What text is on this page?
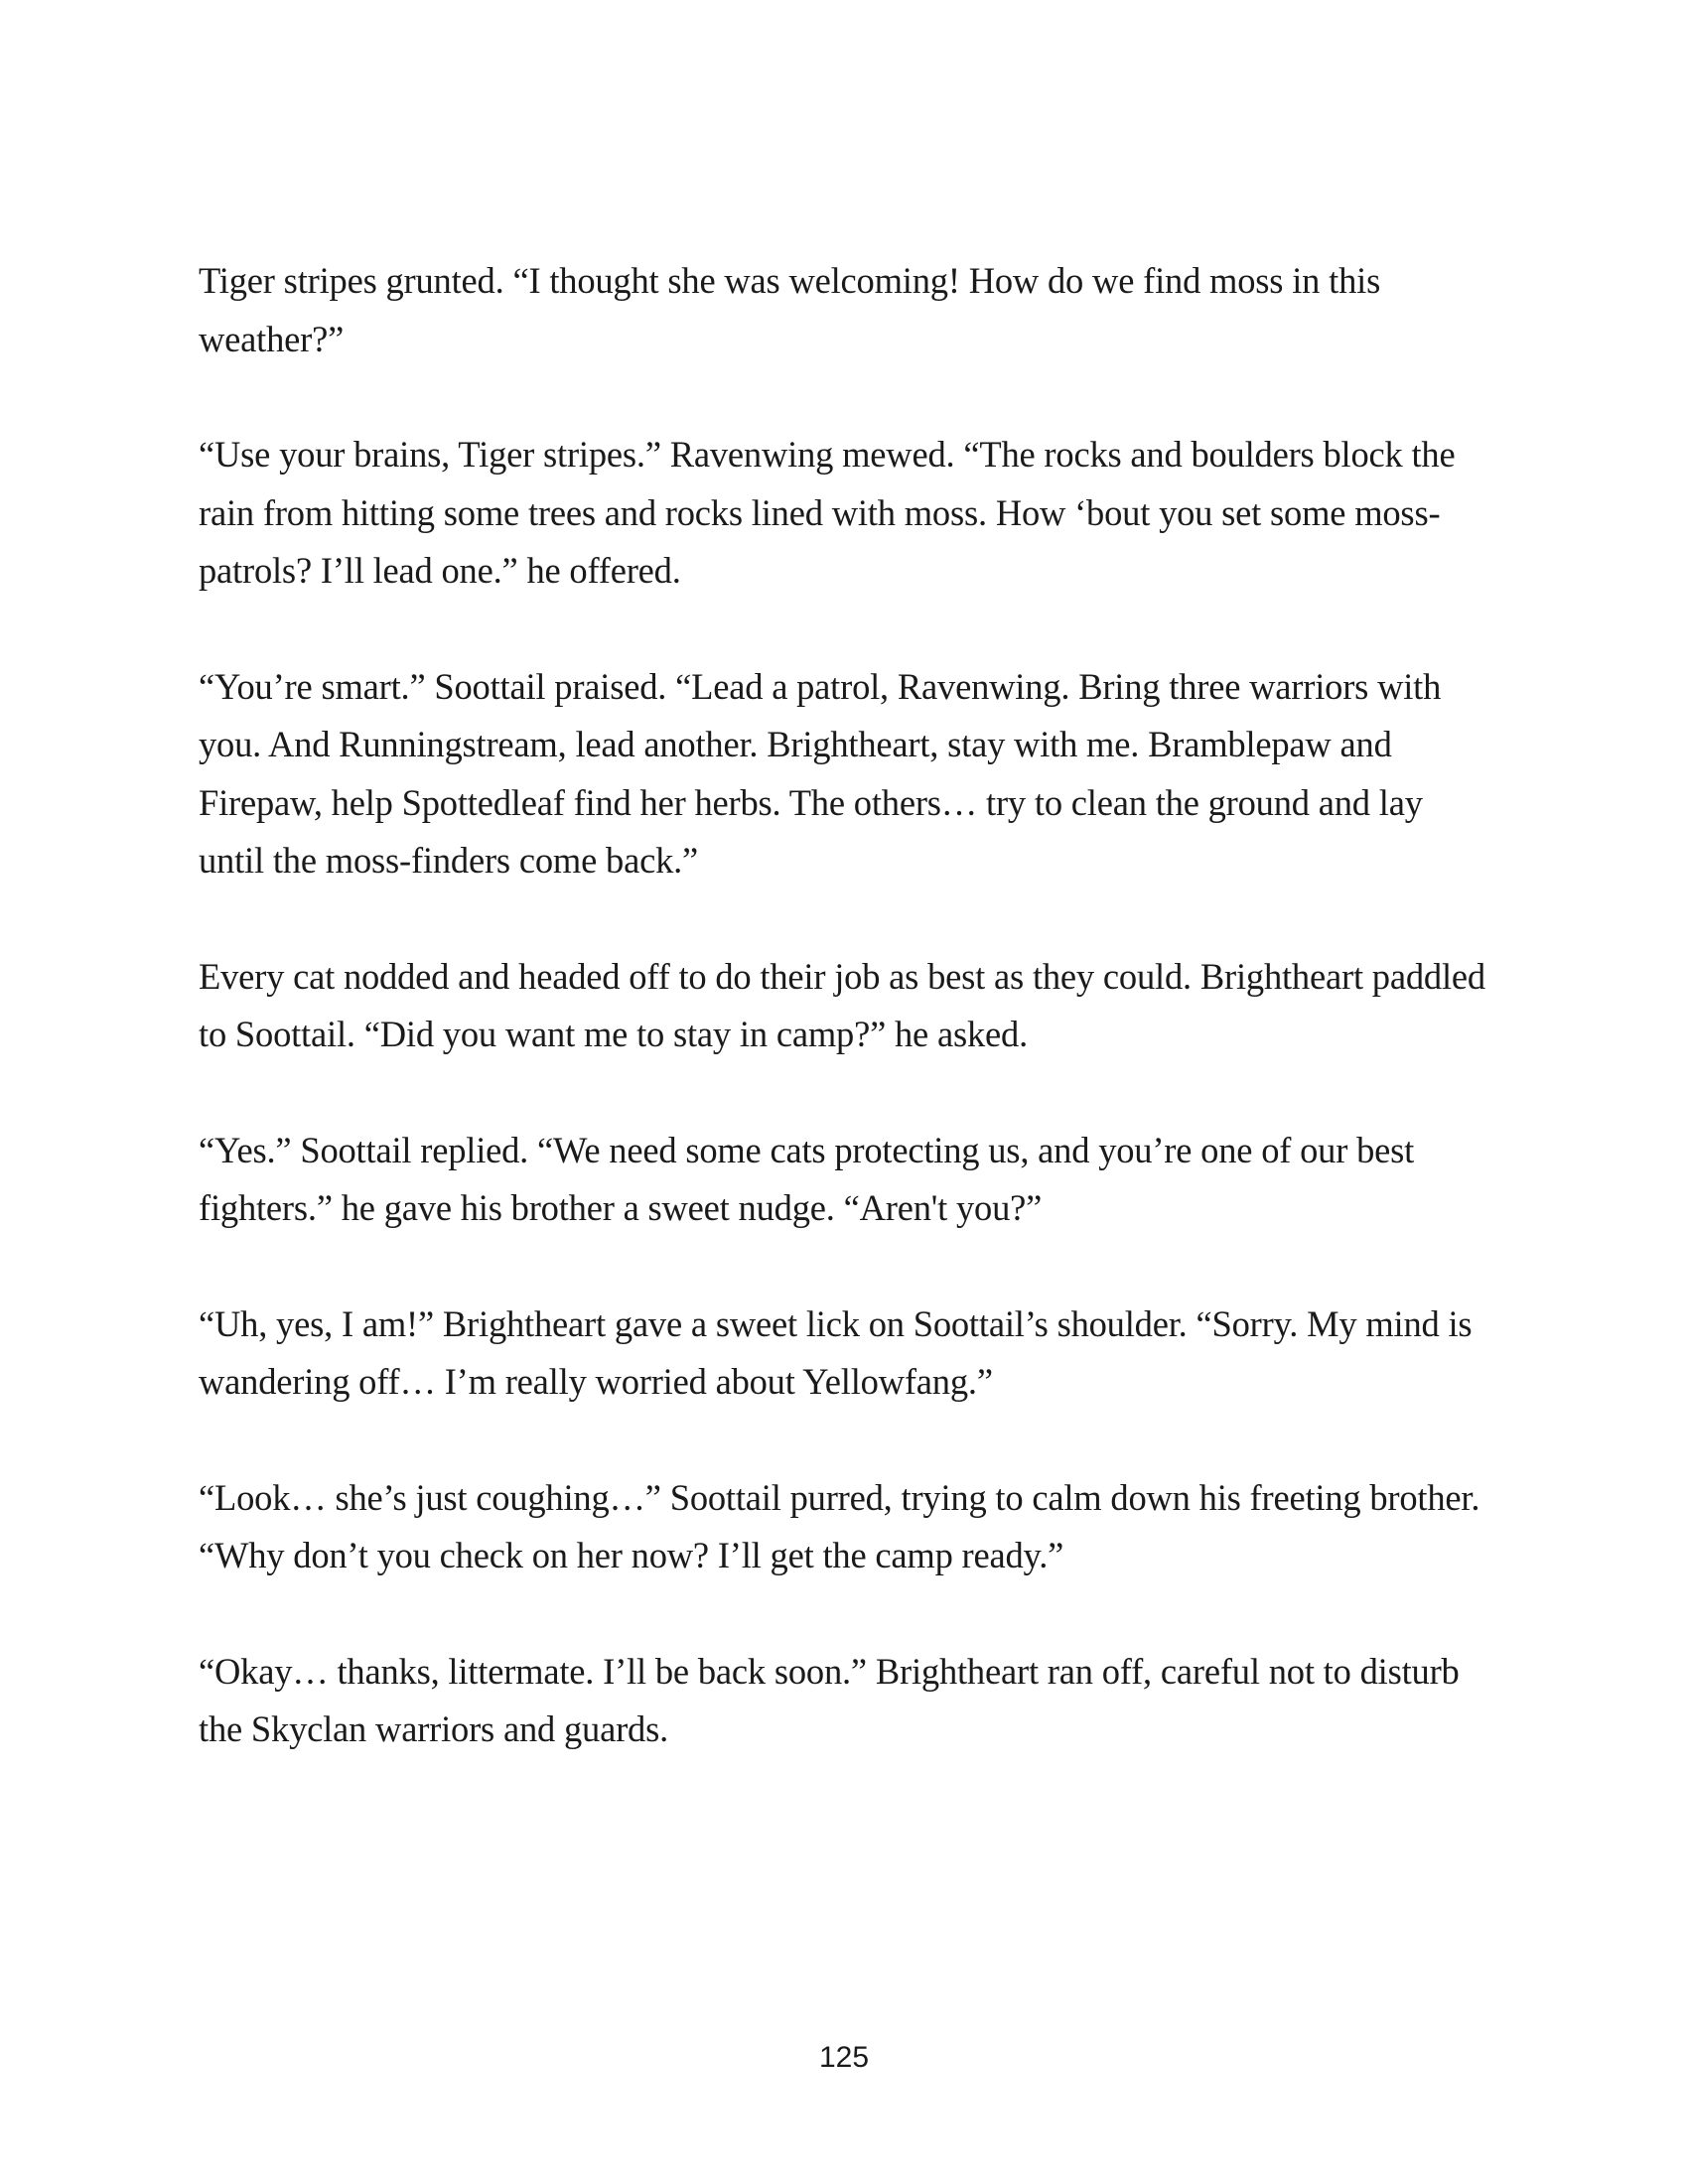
Tiger stripes grunted. “I thought she was welcoming! How do we find moss in this weather?”

“Use your brains, Tiger stripes.” Ravenwing mewed. “The rocks and boulders block the rain from hitting some trees and rocks lined with moss. How ‘bout you set some moss-patrols? I’ll lead one.” he offered.

“You’re smart.” Soottail praised. “Lead a patrol, Ravenwing. Bring three warriors with you. And Runningstream, lead another. Brightheart, stay with me. Bramblepaw and Firepaw, help Spottedleaf find her herbs. The others… try to clean the ground and lay until the moss-finders come back.”

Every cat nodded and headed off to do their job as best as they could. Brightheart paddled to Soottail. “Did you want me to stay in camp?” he asked.

“Yes.” Soottail replied. “We need some cats protecting us, and you’re one of our best fighters.” he gave his brother a sweet nudge. “Aren't you?”

“Uh, yes, I am!” Brightheart gave a sweet lick on Soottail’s shoulder. “Sorry. My mind is wandering off… I’m really worried about Yellowfang.”

“Look… she’s just coughing…” Soottail purred, trying to calm down his freeting brother. “Why don’t you check on her now? I’ll get the camp ready.”

“Okay… thanks, littermate. I’ll be back soon.” Brightheart ran off, careful not to disturb the Skyclan warriors and guards.

125
